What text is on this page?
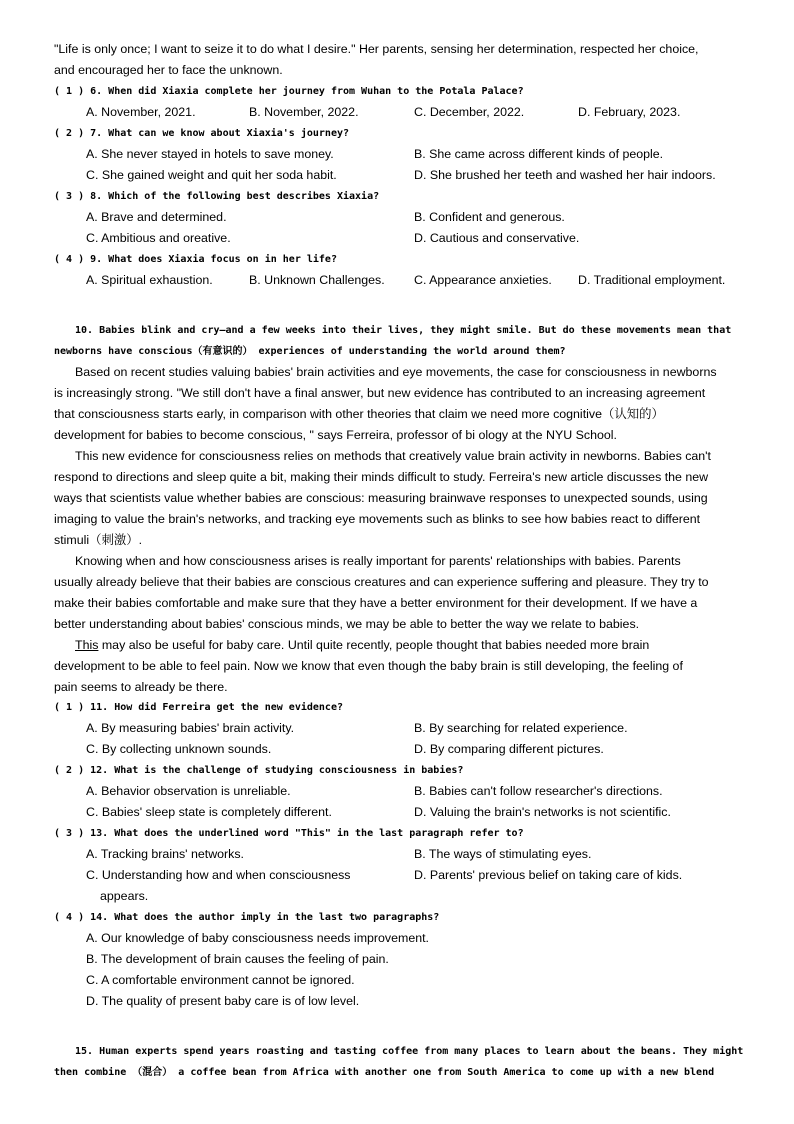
"Life is only once; I want to seize it to do what I desire." Her parents, sensing her determination, respected her choice,
and encouraged her to face the unknown.
( 1 ) 6. When did Xiaxia complete her journey from Wuhan to the Potala Palace?
A. November, 2021.	B. November, 2022.	C. December, 2022.	D. February, 2023.
( 2 ) 7. What can we know about Xiaxia's journey?
A. She never stayed in hotels to save money.	B. She came across different kinds of people.
C. She gained weight and quit her soda habit.	D. She brushed her teeth and washed her hair indoors.
( 3 ) 8. Which of the following best describes Xiaxia?
A. Brave and determined.	B. Confident and generous.
C. Ambitious and oreative.	D. Cautious and conservative.
( 4 ) 9. What does Xiaxia focus on in her life?
A. Spiritual exhaustion.	B. Unknown Challenges. C. Appearance anxieties. D. Traditional employment.
10. Babies blink and cry—and a few weeks into their lives, they might smile. But do these movements mean that
newborns have conscious（有意识的） experiences of understanding the world around them?
Based on recent studies valuing babies' brain activities and eye movements, the case for consciousness in newborns
is increasingly strong. "We still don't have a final answer, but new evidence has contributed to an increasing agreement
that consciousness starts early, in comparison with other theories that claim we need more cognitive（认知的）
development for babies to become conscious, " says Ferreira, professor of bi ology at the NYU School.
This new evidence for consciousness relies on methods that creatively value brain activity in newborns. Babies can't
respond to directions and sleep quite a bit, making their minds difficult to study. Ferreira's new article discusses the new
ways that scientists value whether babies are conscious: measuring brainwave responses to unexpected sounds, using
imaging to value the brain's networks, and tracking eye movements such as blinks to see how babies react to different
stimuli（刺激）.
Knowing when and how consciousness arises is really important for parents' relationships with babies. Parents
usually already believe that their babies are conscious creatures and can experience suffering and pleasure. They try to
make their babies comfortable and make sure that they have a better environment for their development. If we have a
better understanding about babies' conscious minds, we may be able to better the way we relate to babies.
This may also be useful for baby care. Until quite recently, people thought that babies needed more brain
development to be able to feel pain. Now we know that even though the baby brain is still developing, the feeling of
pain seems to already be there.
( 1 ) 11. How did Ferreira get the new evidence?
A. By measuring babies' brain activity.	B. By searching for related experience.
C. By collecting unknown sounds.	D. By comparing different pictures.
( 2 ) 12. What is the challenge of studying consciousness in babies?
A. Behavior observation is unreliable.	B. Babies can't follow researcher's directions.
C. Babies' sleep state is completely different.	D. Valuing the brain's networks is not scientific.
( 3 ) 13. What does the underlined word "This" in the last paragraph refer to?
A. Tracking brains' networks.	B. The ways of stimulating eyes.
C. Understanding how and when consciousness
appears.
D. Parents' previous belief on taking care of kids.
( 4 ) 14. What does the author imply in the last two paragraphs?
A. Our knowledge of baby consciousness needs improvement.
B. The development of brain causes the feeling of pain.
C. A comfortable environment cannot be ignored.
D. The quality of present baby care is of low level.
15. Human experts spend years roasting and tasting coffee from many places to learn about the beans. They might
then combine （混合） a coffee bean from Africa with another one from South America to come up with a new blend
